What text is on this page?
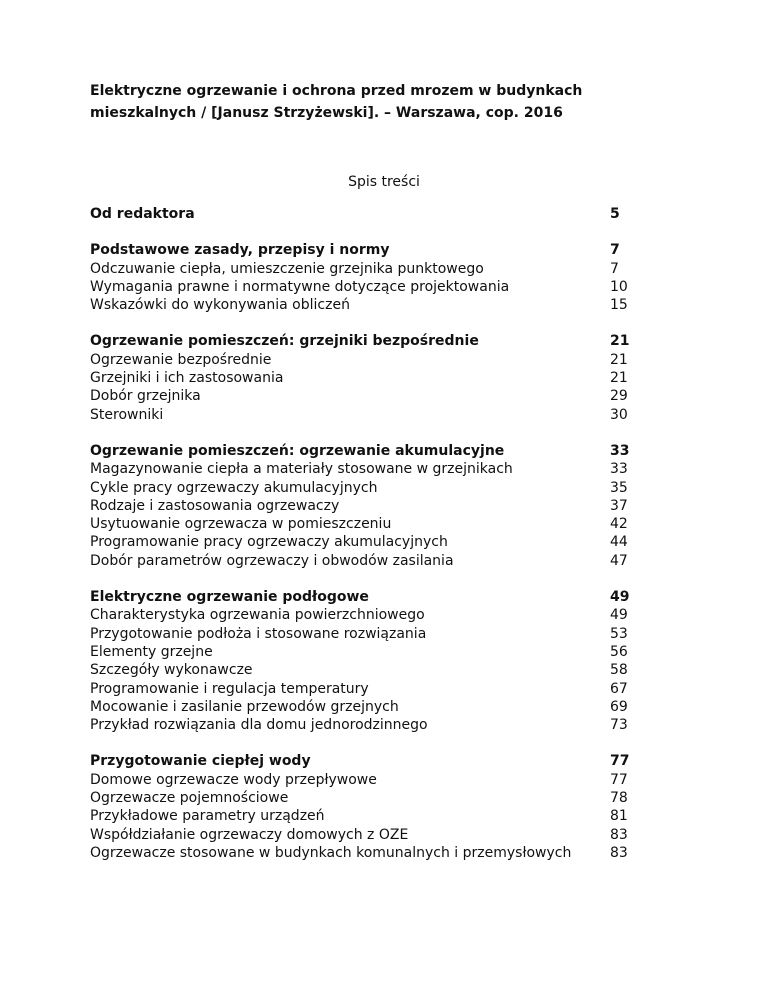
Elektryczne ogrzewanie i ochrona przed mrozem w budynkach
mieszkalnych / [Janusz Strzyżewski]. – Warszawa, cop. 2016
Spis treści
Od redaktora	5
Podstawowe zasady, przepisy i normy	7
Odczuwanie ciepła, umieszczenie grzejnika punktowego	7
Wymagania prawne i normatywne dotyczące projektowania	10
Wskazówki do wykonywania obliczeń	15
Ogrzewanie pomieszczeń: grzejniki bezpośrednie	21
Ogrzewanie bezpośrednie	21
Grzejniki i ich zastosowania	21
Dobór grzejnika	29
Sterowniki	30
Ogrzewanie pomieszczeń: ogrzewanie akumulacyjne	33
Magazynowanie ciepła a materiały stosowane w grzejnikach	33
Cykle pracy ogrzewaczy akumulacyjnych	35
Rodzaje i zastosowania ogrzewaczy	37
Usytuowanie ogrzewacza w pomieszczeniu	42
Programowanie pracy ogrzewaczy akumulacyjnych	44
Dobór parametrów ogrzewaczy i obwodów zasilania	47
Elektryczne ogrzewanie podłogowe	49
Charakterystyka ogrzewania powierzchniowego	49
Przygotowanie podłoża i stosowane rozwiązania	53
Elementy grzejne	56
Szczegóły wykonawcze	58
Programowanie i regulacja temperatury	67
Mocowanie i zasilanie przewodów grzejnych	69
Przykład rozwiązania dla domu jednorodzinnego	73
Przygotowanie ciepłej wody	77
Domowe ogrzewacze wody przepływowe	77
Ogrzewacze pojemnościowe	78
Przykładowe parametry urządzeń	81
Współdziałanie ogrzewaczy domowych z OZE	83
Ogrzewacze stosowane w budynkach komunalnych i przemysłowych	83
